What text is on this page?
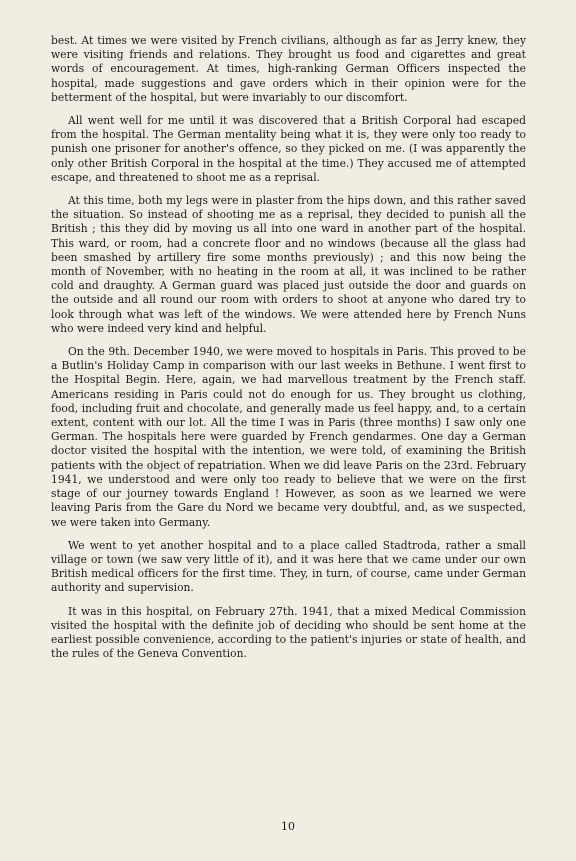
best. At times we were visited by French civilians, although as far as Jerry knew, they were visiting friends and relations. They brought us food and cigarettes and great words of encouragement. At times, high-ranking German Officers inspected the hospital, made suggestions and gave orders which in their opinion were for the betterment of the hospital, but were invariably to our discomfort.

All went well for me until it was discovered that a British Corporal had escaped from the hospital. The German mentality being what it is, they were only too ready to punish one prisoner for another's offence, so they picked on me. (I was apparently the only other British Corporal in the hospital at the time.) They accused me of attempted escape, and threatened to shoot me as a reprisal.

At this time, both my legs were in plaster from the hips down, and this rather saved the situation. So instead of shooting me as a reprisal, they decided to punish all the British ; this they did by moving us all into one ward in another part of the hospital. This ward, or room, had a concrete floor and no windows (because all the glass had been smashed by artillery fire some months previously) ; and this now being the month of November, with no heating in the room at all, it was inclined to be rather cold and draughty. A German guard was placed just outside the door and guards on the outside and all round our room with orders to shoot at anyone who dared try to look through what was left of the windows. We were attended here by French Nuns who were indeed very kind and helpful.

On the 9th. December 1940, we were moved to hospitals in Paris. This proved to be a Butlin's Holiday Camp in comparison with our last weeks in Bethune. I went first to the Hospital Begin. Here, again, we had marvellous treatment by the French staff. Americans residing in Paris could not do enough for us. They brought us clothing, food, including fruit and chocolate, and generally made us feel happy, and, to a certain extent, content with our lot. All the time I was in Paris (three months) I saw only one German. The hospitals here were guarded by French gendarmes. One day a German doctor visited the hospital with the intention, we were told, of examining the British patients with the object of repatriation. When we did leave Paris on the 23rd. February 1941, we understood and were only too ready to believe that we were on the first stage of our journey towards England ! However, as soon as we learned we were leaving Paris from the Gare du Nord we became very doubtful, and, as we suspected, we were taken into Germany.

We went to yet another hospital and to a place called Stadtroda, rather a small village or town (we saw very little of it), and it was here that we came under our own British medical officers for the first time. They, in turn, of course, came under German authority and supervision.

It was in this hospital, on February 27th. 1941, that a mixed Medical Commission visited the hospital with the definite job of deciding who should be sent home at the earliest possible convenience, according to the patient's injuries or state of health, and the rules of the Geneva Convention.

10
